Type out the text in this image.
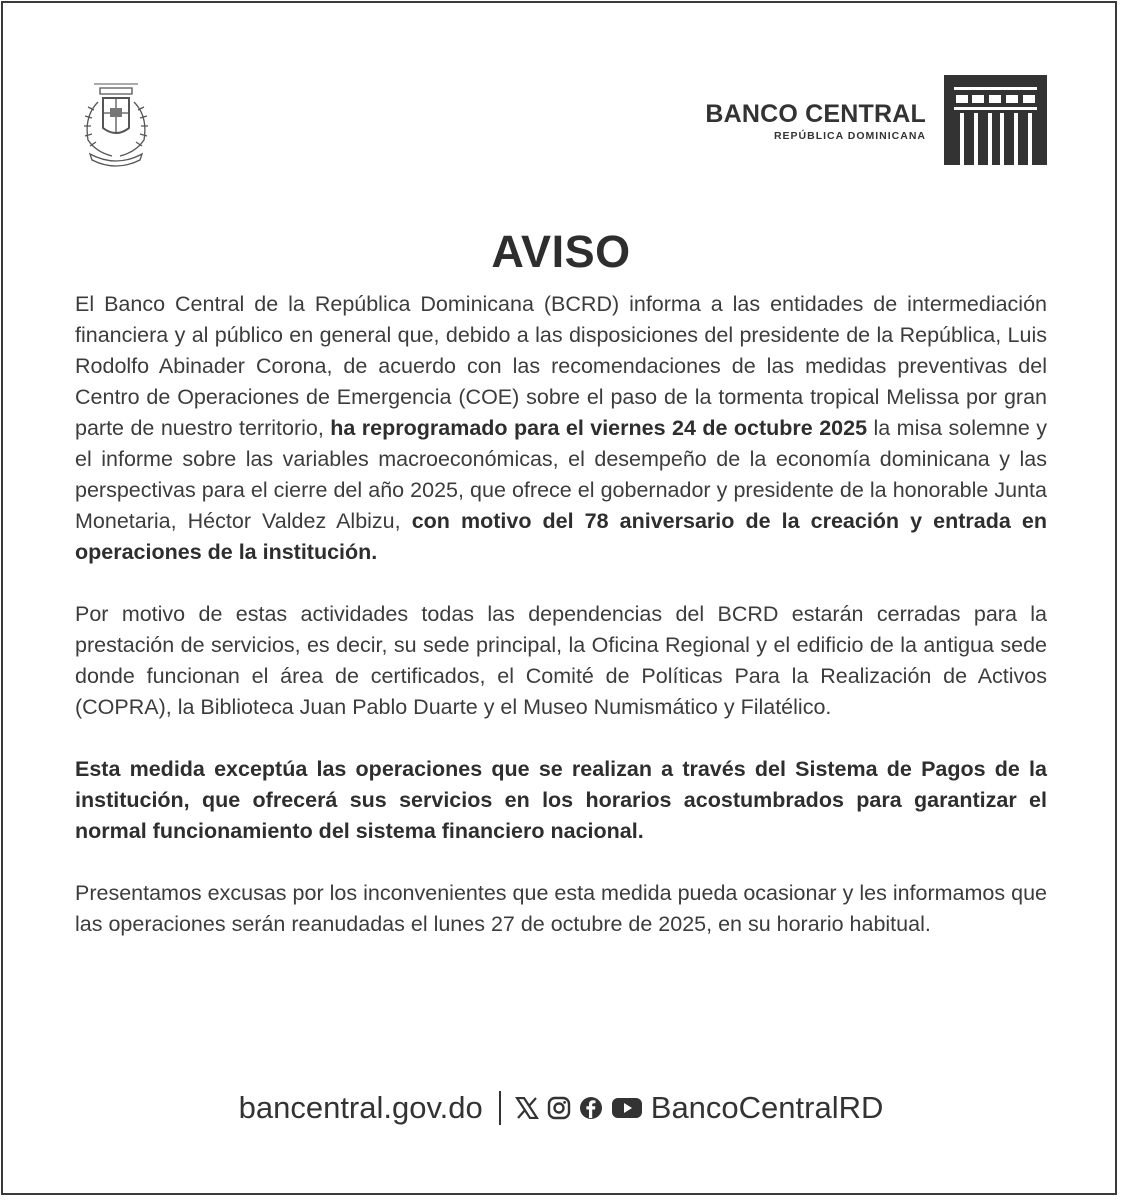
BANCO CENTRAL
REPÚBLICA DOMINICANA
AVISO

El Banco Central de la República Dominicana (BCRD) informa a las entidades de intermediación financiera y al público en general que, debido a las disposiciones del presidente de la República, Luis Rodolfo Abinader Corona, de acuerdo con las recomendaciones de las medidas preventivas del Centro de Operaciones de Emergencia (COE) sobre el paso de la tormenta tropical Melissa por gran parte de nuestro territorio, ha reprogramado para el viernes 24 de octubre 2025 la misa solemne y el informe sobre las variables macroeconómicas, el desempeño de la economía dominicana y las perspectivas para el cierre del año 2025, que ofrece el gobernador y presidente de la honorable Junta Monetaria, Héctor Valdez Albizu, con motivo del 78 aniversario de la creación y entrada en operaciones de la institución.

Por motivo de estas actividades todas las dependencias del BCRD estarán cerradas para la prestación de servicios, es decir, su sede principal, la Oficina Regional y el edificio de la antigua sede donde funcionan el área de certificados, el Comité de Políticas Para la Realización de Activos (COPRA), la Biblioteca Juan Pablo Duarte y el Museo Numismático y Filatélico.

Esta medida exceptúa las operaciones que se realizan a través del Sistema de Pagos de la institución, que ofrecerá sus servicios en los horarios acostumbrados para garantizar el normal funcionamiento del sistema financiero nacional.

Presentamos excusas por los inconvenientes que esta medida pueda ocasionar y les informamos que las operaciones serán reanudadas el lunes 27 de octubre de 2025, en su horario habitual.

bancentral.gov.do	BancoCentralRD
